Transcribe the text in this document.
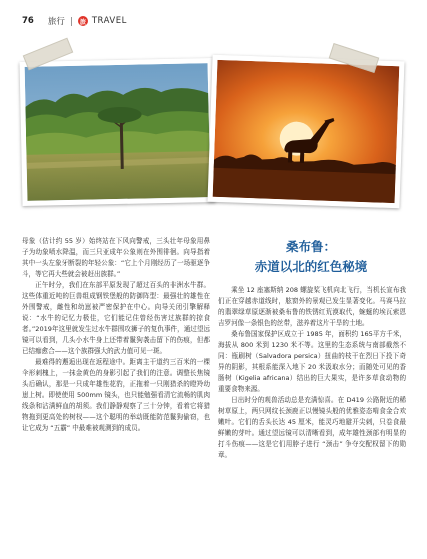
76 旅行	旅 TRAVEL

母象（估计约 55 岁）始终站在下风向警戒，三头壮年母象用鼻子为幼象喷水降温，而三只亚成年公象则在外围徘徊。向导指着其中一头左象牙断裂的年轻公象：“它上个月刚经历了一场驱逐争斗，等它再大些就会被赶出族群。”

正午时分，我们在东部平原发现了超过百头的非洲水牛群。这些体重近吨的巨兽组成钢铁堡般的防御阵型：最强壮的雄性在外围警戒，雌性和幼崽被严密保护在中心。向导关闭引擎解释说：“水牛的记忆力极佳，它们能记住曾经伤害过族群的掠食者。”2019年这里就发生过水牛群围攻狮子的复仇事件，通过望远镜可以看到，几头小水牛身上还带着鬣狗袭击留下的伤痕，但都已结痂愈合——这个族群强大的武力值可见一斑。

最难得的邂逅出现在返程途中。距离主干道约三百米的一棵伞形刺槐上，一抹金黄色的身影引起了我们的注意。调整长焦镜头后确认，那是一只成年雄性花豹，正拖着一只刚猎杀的瞪羚幼崽上树。即使使用 500mm 镜头，也只能勉强看清它流畅的肌肉线条和沾满鲜血的胡须。我们静静观察了三十分钟，看着它将猎物拖到更高处的树杈——这个聪明的举动既能防范鬣狗偷窃，也让它成为 “五霸” 中最难被观测到的成员。

桑布鲁：
赤道以北的红色秘境

乘坐 12 座塞斯纳 208 螺旋桨飞机向北飞行，当机长宣布我们正在穿越赤道线时，舷窗外的景观已发生显著变化。马赛马拉的翡翠绿草原逐渐被桑布鲁的铁锈红荒漠取代，蜿蜒的埃瓦索恩吉罗河像一条银色的丝带，滋养着这片干旱的土地。

桑布鲁国家保护区成立于 1985 年，面积约 165平方千米，海拔从 800 米到 1230 米不等。这里的生态系统与南部截然不同：瓶刷树（Salvadora persica）扭曲的枝干在烈日下投下奇异的阴影，其根系能深入地下 20 米汲取水分；而随处可见的香肠树（Kigelia africana）结出的巨大果实，是许多草食动物的重要食物来源。

日出时分的观兽活动总是充满惊喜。在 D419 公路附近的稀树草原上，两只网纹长颈鹿正以慢镜头般的优雅姿态啃食金合欢嫩叶。它们的舌头长达 45 厘米，能灵巧地避开尖刺，只卷食最鲜嫩的芽叶。通过望远镜可以清晰看到，成年雄性颈部有明显的打斗伤痕——这是它们用脖子进行 “颈击” 争夺交配权留下的勋章。
